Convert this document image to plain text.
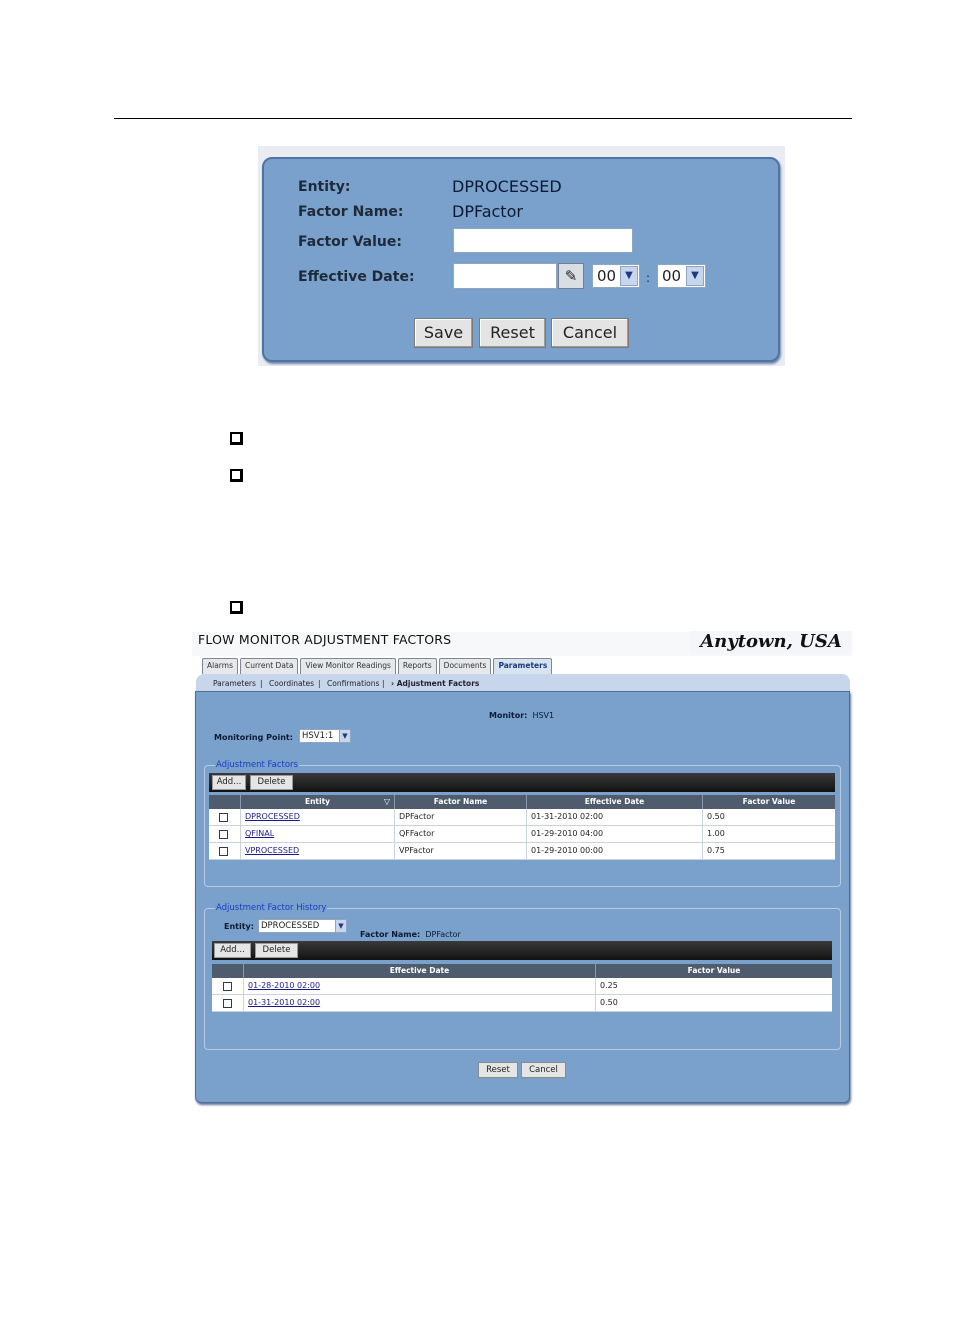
Entity:	DPROCESSED
Factor Name:	DPFactor
Factor Value:
Effective Date:	✎	00 ▼	: 00	▼
Save	Reset	Cancel
FLOW MONITOR ADJUSTMENT FACTORS	Anytown, USA
Alarms	Current Data	View Monitor Readings	Reports	Documents	Parameters
Parameters | Coordinates | Confirmations | › Adjustment Factors
Monitor: HSV1
Monitoring Point: HSV1:1	▼
Adjustment Factors
Add...	Delete
Entity	▽	Factor Name	Effective Date	Factor Value
DPROCESSED	DPFactor	01-31-2010 02:00	0.50
QFINAL	QFFactor	01-29-2010 04:00	1.00
VPROCESSED	VPFactor	01-29-2010 00:00	0.75
Adjustment Factor History
Entity: DPROCESSED	▼
Factor Name: DPFactor
Add...	Delete
Effective Date	Factor Value
01-28-2010 02:00	0.25
01-31-2010 02:00	0.50
Reset	Cancel
